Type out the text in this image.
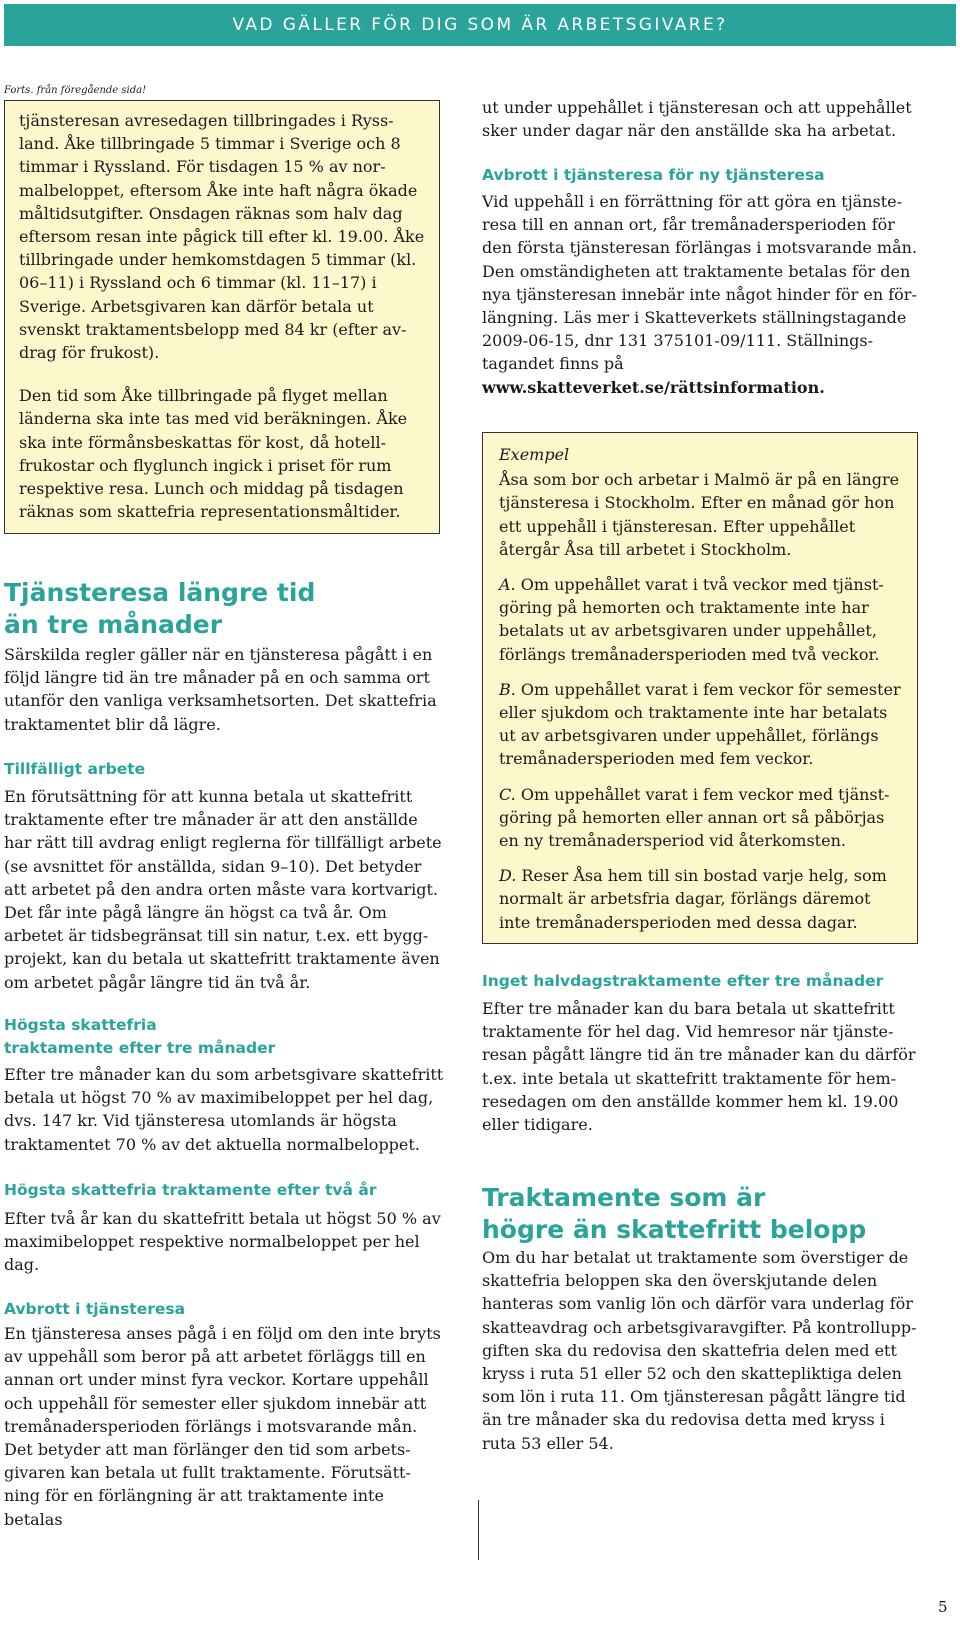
VAD GÄLLER FÖR DIG SOM ÄR ARBETSGIVARE?
Forts. från föregående sida!

tjänsteresan avresedagen tillbringades i Ryss-land. Åke tillbringade 5 timmar i Sverige och 8 timmar i Ryssland. För tisdagen 15 % av nor-malbeloppet, eftersom Åke inte haft några ökade måltidsutgifter. Onsdagen räknas som halv dag eftersom resan inte pågick till efter kl. 19.00. Åke tillbringade under hemkomstdagen 5 timmar (kl. 06–11) i Ryssland och 6 timmar (kl. 11–17) i Sverige. Arbetsgivaren kan därför betala ut svenskt traktamentsbelopp med 84 kr (efter av-drag för frukost).

Den tid som Åke tillbringade på flyget mellan länderna ska inte tas med vid beräkningen. Åke ska inte förmånsbeskattas för kost, då hotell-frukostar och flyglunch ingick i priset för rum respektive resa. Lunch och middag på tisdagen räknas som skattefria representationsmåltider.

Tjänsteresa längre tid
än tre månader

Särskilda regler gäller när en tjänsteresa pågått i en följd längre tid än tre månader på en och samma ort utanför den vanliga verksamhetsorten. Det skattefria traktamentet blir då lägre.

Tillfälligt arbete

En förutsättning för att kunna betala ut skattefritt traktamente efter tre månader är att den anställde har rätt till avdrag enligt reglerna för tillfälligt arbete (se avsnittet för anställda, sidan 9–10). Det betyder att arbetet på den andra orten måste vara kortvarigt. Det får inte pågå längre än högst ca två år. Om arbetet är tidsbegränsat till sin natur, t.ex. ett bygg-projekt, kan du betala ut skattefritt traktamente även om arbetet pågår längre tid än två år.

Högsta skattefria
traktamente efter tre månader

Efter tre månader kan du som arbetsgivare skattefritt betala ut högst 70 % av maximibeloppet per hel dag, dvs. 147 kr. Vid tjänsteresa utomlands är högsta traktamentet 70 % av det aktuella normalbeloppet.

Högsta skattefria traktamente efter två år

Efter två år kan du skattefritt betala ut högst 50 % av maximibeloppet respektive normalbeloppet per hel dag.

Avbrott i tjänsteresa

En tjänsteresa anses pågå i en följd om den inte bryts av uppehåll som beror på att arbetet förläggs till en annan ort under minst fyra veckor. Kortare uppehåll och uppehåll för semester eller sjukdom innebär att tremånadersperioden förlängs i motsvarande mån. Det betyder att man förlänger den tid som arbets-givaren kan betala ut fullt traktamente. Förutsätt-ning för en förlängning är att traktamente inte betalas

ut under uppehållet i tjänsteresan och att uppehållet sker under dagar när den anställde ska ha arbetat.

Avbrott i tjänsteresa för ny tjänsteresa

Vid uppehåll i en förrättning för att göra en tjänste-resa till en annan ort, får tremånadersperioden för den första tjänsteresan förlängas i motsvarande mån. Den omständigheten att traktamente betalas för den nya tjänsteresan innebär inte något hinder för en för-längning. Läs mer i Skatteverkets ställningstagande 2009-06-15, dnr 131 375101-09/111. Ställnings-tagandet finns på

www.skatteverket.se/rättsinformation.

Exempel

Åsa som bor och arbetar i Malmö är på en längre tjänsteresa i Stockholm. Efter en månad gör hon ett uppehåll i tjänsteresan. Efter uppehållet återgår Åsa till arbetet i Stockholm.

A. Om uppehållet varat i två veckor med tjänst-göring på hemorten och traktamente inte har betalats ut av arbetsgivaren under uppehållet, förlängs tremånadersperioden med två veckor.

B. Om uppehållet varat i fem veckor för semester eller sjukdom och traktamente inte har betalats ut av arbetsgivaren under uppehållet, förlängs tremånadersperioden med fem veckor.

C. Om uppehållet varat i fem veckor med tjänst-göring på hemorten eller annan ort så påbörjas en ny tremånadersperiod vid återkomsten.

D. Reser Åsa hem till sin bostad varje helg, som normalt är arbetsfria dagar, förlängs däremot inte tremånadersperioden med dessa dagar.

Inget halvdagstraktamente efter tre månader

Efter tre månader kan du bara betala ut skattefritt traktamente för hel dag. Vid hemresor när tjänste-resan pågått längre tid än tre månader kan du därför t.ex. inte betala ut skattefritt traktamente för hem-resedagen om den anställde kommer hem kl. 19.00 eller tidigare.

Traktamente som är
högre än skattefritt belopp

Om du har betalat ut traktamente som överstiger de skattefria beloppen ska den överskjutande delen hanteras som vanlig lön och därför vara underlag för skatteavdrag och arbetsgivaravgifter. På kontrollupp-giften ska du redovisa den skattefria delen med ett kryss i ruta 51 eller 52 och den skattepliktiga delen som lön i ruta 11. Om tjänsteresan pågått längre tid än tre månader ska du redovisa detta med kryss i ruta 53 eller 54.

5
